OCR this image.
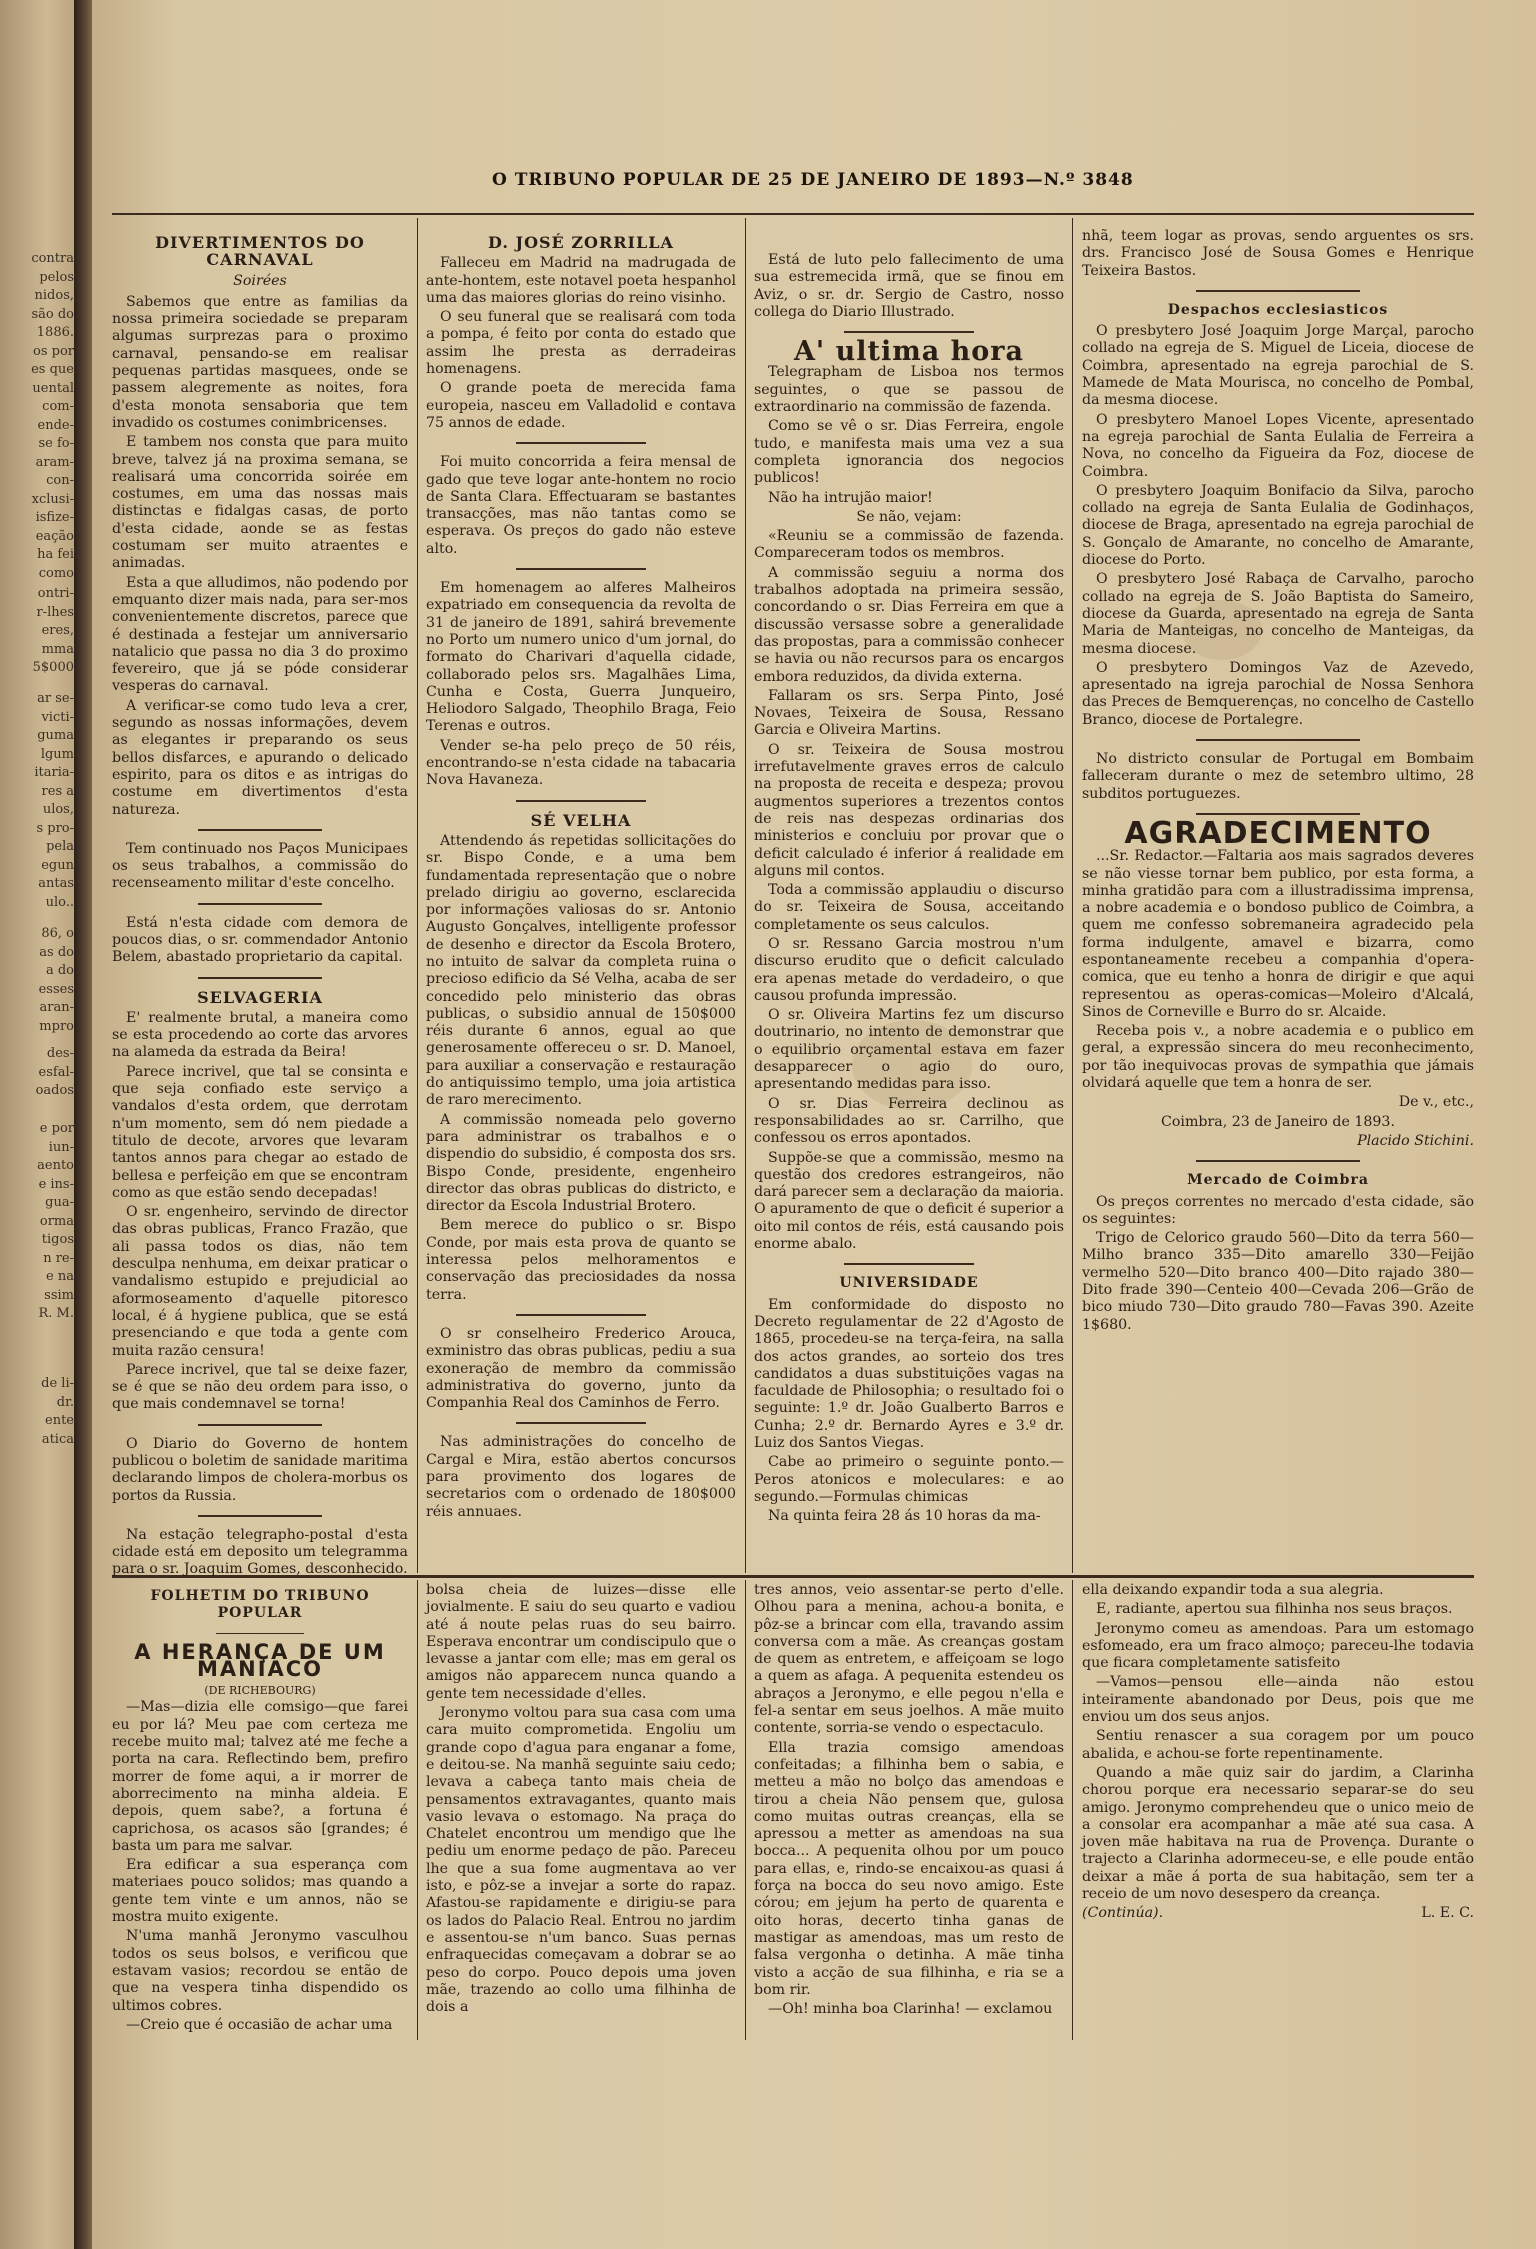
contra
pelos
nidos,
são do
1886.
os por
es que
uental
com-
ende-
se fo-
aram-
con-
xclusi-
isfize-
eação
ha fei
como
ontri-
r-lhes
eres,
mma
5$000
ar se-
victi-
guma
lgum
itaria-
res a
ulos,
s pro-
pela
egun
antas
ulo..
86, o
as do
a do
esses
aran-
mpro
des-
esfal-
oados
e por
iun-
aento
e ins-
gua-
orma
tigos
n re-
e na
ssim
R. M.
de li-
dr.
ente
atica
O TRIBUNO POPULAR DE 25 DE JANEIRO DE 1893—N.º 3848
DIVERTIMENTOS DO CARNAVAL
Soirées

Sabemos que entre as familias da nossa primeira sociedade se preparam algumas surprezas para o proximo carnaval, pensando-se em realisar pequenas partidas masquees, onde se passem alegremente as noites, fora d'esta monota sensaboria que tem invadido os costumes conimbricenses.

E tambem nos consta que para muito breve, talvez já na proxima semana, se realisará uma concorrida soirée em costumes, em uma das nossas mais distinctas e fidalgas casas, de porto d'esta cidade, aonde se as festas costumam ser muito atraentes e animadas.

Esta a que alludimos, não podendo por emquanto dizer mais nada, para ser-mos convenientemente discretos, parece que é destinada a festejar um anniversario natalicio que passa no dia 3 do proximo fevereiro, que já se póde considerar vesperas do carnaval.

A verificar-se como tudo leva a crer, segundo as nossas informações, devem as elegantes ir preparando os seus bellos disfarces, e apurando o delicado espirito, para os ditos e as intrigas do costume em divertimentos d'esta natureza.

Tem continuado nos Paços Municipaes os seus trabalhos, a commissão do recenseamento militar d'este concelho.

Está n'esta cidade com demora de poucos dias, o sr. commendador Antonio Belem, abastado proprietario da capital.

SELVAGERIA

E' realmente brutal, a maneira como se esta procedendo ao corte das arvores na alameda da estrada da Beira!

Parece incrivel, que tal se consinta e que seja confiado este serviço a vandalos d'esta ordem, que derrotam n'um momento, sem dó nem piedade a titulo de decote, arvores que levaram tantos annos para chegar ao estado de bellesa e perfeição em que se encontram como as que estão sendo decepadas!

O sr. engenheiro, servindo de director das obras publicas, Franco Frazão, que ali passa todos os dias, não tem desculpa nenhuma, em deixar praticar o vandalismo estupido e prejudicial ao aformoseamento d'aquelle pitoresco local, é á hygiene publica, que se está presenciando e que toda a gente com muita razão censura!

Parece incrivel, que tal se deixe fazer, se é que se não deu ordem para isso, o que mais condemnavel se torna!

O Diario do Governo de hontem publicou o boletim de sanidade maritima declarando limpos de cholera-morbus os portos da Russia.

Na estação telegrapho-postal d'esta cidade está em deposito um telegramma para o sr. Joaquim Gomes, desconhecido.

D. JOSÉ ZORRILLA

Falleceu em Madrid na madrugada de ante-hontem, este notavel poeta hespanhol uma das maiores glorias do reino visinho.

O seu funeral que se realisará com toda a pompa, é feito por conta do estado que assim lhe presta as derradeiras homenagens.

O grande poeta de merecida fama europeia, nasceu em Valladolid e contava 75 annos de edade.

Foi muito concorrida a feira mensal de gado que teve logar ante-hontem no rocio de Santa Clara. Effectuaram se bastantes transacções, mas não tantas como se esperava. Os preços do gado não esteve alto.

Em homenagem ao alferes Malheiros expatriado em consequencia da revolta de 31 de janeiro de 1891, sahirá brevemente no Porto um numero unico d'um jornal, do formato do Charivari d'aquella cidade, collaborado pelos srs. Magalhães Lima, Cunha e Costa, Guerra Junqueiro, Heliodoro Salgado, Theophilo Braga, Feio Terenas e outros.

Vender se-ha pelo preço de 50 réis, encontrando-se n'esta cidade na tabacaria Nova Havaneza.

SÉ VELHA

Attendendo ás repetidas sollicitações do sr. Bispo Conde, e a uma bem fundamentada representação que o nobre prelado dirigiu ao governo, esclarecida por informações valiosas do sr. Antonio Augusto Gonçalves, intelligente professor de desenho e director da Escola Brotero, no intuito de salvar da completa ruina o precioso edificio da Sé Velha, acaba de ser concedido pelo ministerio das obras publicas, o subsidio annual de 150$000 réis durante 6 annos, egual ao que generosamente offereceu o sr. D. Manoel, para auxiliar a conservação e restauração do antiquissimo templo, uma joia artistica de raro merecimento.

A commissão nomeada pelo governo para administrar os trabalhos e o dispendio do subsidio, é composta dos srs. Bispo Conde, presidente, engenheiro director das obras publicas do districto, e director da Escola Industrial Brotero.

Bem merece do publico o sr. Bispo Conde, por mais esta prova de quanto se interessa pelos melhoramentos e conservação das preciosidades da nossa terra.

O sr conselheiro Frederico Arouca, exministro das obras publicas, pediu a sua exoneração de membro da commissão administrativa do governo, junto da Companhia Real dos Caminhos de Ferro.

Nas administrações do concelho de Cargal e Mira, estão abertos concursos para provimento dos logares de secretarios com o ordenado de 180$000 réis annuaes.

Está de luto pelo fallecimento de uma sua estremecida irmã, que se finou em Aviz, o sr. dr. Sergio de Castro, nosso collega do Diario Illustrado.

A' ultima hora

Telegrapham de Lisboa nos termos seguintes, o que se passou de extraordinario na commissão de fazenda.

Como se vê o sr. Dias Ferreira, engole tudo, e manifesta mais uma vez a sua completa ignorancia dos negocios publicos!

Não ha intrujão maior!

Se não, vejam:

«Reuniu se a commissão de fazenda. Compareceram todos os membros.

A commissão seguiu a norma dos trabalhos adoptada na primeira sessão, concordando o sr. Dias Ferreira em que a discussão versasse sobre a generalidade das propostas, para a commissão conhecer se havia ou não recursos para os encargos embora reduzidos, da divida externa.

Fallaram os srs. Serpa Pinto, José Novaes, Teixeira de Sousa, Ressano Garcia e Oliveira Martins.

O sr. Teixeira de Sousa mostrou irrefutavelmente graves erros de calculo na proposta de receita e despeza; provou augmentos superiores a trezentos contos de reis nas despezas ordinarias dos ministerios e concluiu por provar que o deficit calculado é inferior á realidade em alguns mil contos.

Toda a commissão applaudiu o discurso do sr. Teixeira de Sousa, acceitando completamente os seus calculos.

O sr. Ressano Garcia mostrou n'um discurso erudito que o deficit calculado era apenas metade do verdadeiro, o que causou profunda impressão.

O sr. Oliveira Martins fez um discurso doutrinario, no intento de demonstrar que o equilibrio orçamental estava em fazer desapparecer o agio do ouro, apresentando medidas para isso.

O sr. Dias Ferreira declinou as responsabilidades ao sr. Carrilho, que confessou os erros apontados.

Suppõe-se que a commissão, mesmo na questão dos credores estrangeiros, não dará parecer sem a declaração da maioria. O apuramento de que o deficit é superior a oito mil contos de réis, está causando pois enorme abalo.

UNIVERSIDADE

Em conformidade do disposto no Decreto regulamentar de 22 d'Agosto de 1865, procedeu-se na terça-feira, na salla dos actos grandes, ao sorteio dos tres candidatos a duas substituições vagas na faculdade de Philosophia; o resultado foi o seguinte: 1.º dr. João Gualberto Barros e Cunha; 2.º dr. Bernardo Ayres e 3.º dr. Luiz dos Santos Viegas.

Cabe ao primeiro o seguinte ponto.—Peros atonicos e moleculares: e ao segundo.—Formulas chimicas

Na quinta feira 28 ás 10 horas da ma-

nhã, teem logar as provas, sendo arguentes os srs. drs. Francisco José de Sousa Gomes e Henrique Teixeira Bastos.

Despachos ecclesiasticos

O presbytero José Joaquim Jorge Marçal, parocho collado na egreja de S. Miguel de Liceia, diocese de Coimbra, apresentado na egreja parochial de S. Mamede de Mata Mourisca, no concelho de Pombal, da mesma diocese.

O presbytero Manoel Lopes Vicente, apresentado na egreja parochial de Santa Eulalia de Ferreira a Nova, no concelho da Figueira da Foz, diocese de Coimbra.

O presbytero Joaquim Bonifacio da Silva, parocho collado na egreja de Santa Eulalia de Godinhaços, diocese de Braga, apresentado na egreja parochial de S. Gonçalo de Amarante, no concelho de Amarante, diocese do Porto.

O presbytero José Rabaça de Carvalho, parocho collado na egreja de S. João Baptista do Sameiro, diocese da Guarda, apresentado na egreja de Santa Maria de Manteigas, no concelho de Manteigas, da mesma diocese.

O presbytero Domingos Vaz de Azevedo, apresentado na igreja parochial de Nossa Senhora das Preces de Bemquerenças, no concelho de Castello Branco, diocese de Portalegre.

No districto consular de Portugal em Bombaim falleceram durante o mez de setembro ultimo, 28 subditos portuguezes.

AGRADECIMENTO

...Sr. Redactor.—Faltaria aos mais sagrados deveres se não viesse tornar bem publico, por esta forma, a minha gratidão para com a illustradissima imprensa, a nobre academia e o bondoso publico de Coimbra, a quem me confesso sobremaneira agradecido pela forma indulgente, amavel e bizarra, como espontaneamente recebeu a companhia d'opera-comica, que eu tenho a honra de dirigir e que aqui representou as operas-comicas—Moleiro d'Alcalá, Sinos de Corneville e Burro do sr. Alcaide.

Receba pois v., a nobre academia e o publico em geral, a expressão sincera do meu reconhecimento, por tão inequivocas provas de sympathia que jámais olvidará aquelle que tem a honra de ser.

De v., etc.,
Coimbra, 23 de Janeiro de 1893.
Placido Stichini.
Mercado de Coimbra

Os preços correntes no mercado d'esta cidade, são os seguintes:

Trigo de Celorico graudo 560—Dito da terra 560—Milho branco 335—Dito amarello 330—Feijão vermelho 520—Dito branco 400—Dito rajado 380—Dito frade 390—Centeio 400—Cevada 206—Grão de bico miudo 730—Dito graudo 780—Favas 390. Azeite 1$680.

FOLHETIM DO TRIBUNO POPULAR
A HERANÇA DE UM MANIACO
(DE RICHEBOURG)

—Mas—dizia elle comsigo—que farei eu por lá? Meu pae com certeza me recebe muito mal; talvez até me feche a porta na cara. Reflectindo bem, prefiro morrer de fome aqui, a ir morrer de aborrecimento na minha aldeia. E depois, quem sabe?, a fortuna é caprichosa, os acasos são [grandes; é basta um para me salvar.

Era edificar a sua esperança com materiaes pouco solidos; mas quando a gente tem vinte e um annos, não se mostra muito exigente.

N'uma manhã Jeronymo vasculhou todos os seus bolsos, e verificou que estavam vasios; recordou se então de que na vespera tinha dispendido os ultimos cobres.

—Creio que é occasião de achar uma

bolsa cheia de luizes—disse elle jovialmente. E saiu do seu quarto e vadiou até á noute pelas ruas do seu bairro. Esperava encontrar um condiscipulo que o levasse a jantar com elle; mas em geral os amigos não apparecem nunca quando a gente tem necessidade d'elles.

Jeronymo voltou para sua casa com uma cara muito comprometida. Engoliu um grande copo d'agua para enganar a fome, e deitou-se. Na manhã seguinte saiu cedo; levava a cabeça tanto mais cheia de pensamentos extravagantes, quanto mais vasio levava o estomago. Na praça do Chatelet encontrou um mendigo que lhe pediu um enorme pedaço de pão. Pareceu lhe que a sua fome augmentava ao ver isto, e pôz-se a invejar a sorte do rapaz. Afastou-se rapidamente e dirigiu-se para os lados do Palacio Real. Entrou no jardim e assentou-se n'um banco. Suas pernas enfraquecidas começavam a dobrar se ao peso do corpo. Pouco depois uma joven mãe, trazendo ao collo uma filhinha de dois a

tres annos, veio assentar-se perto d'elle. Olhou para a menina, achou-a bonita, e pôz-se a brincar com ella, travando assim conversa com a mãe. As creanças gostam de quem as entretem, e affeiçoam se logo a quem as afaga. A pequenita estendeu os abraços a Jeronymo, e elle pegou n'ella e fel-a sentar em seus joelhos. A mãe muito contente, sorria-se vendo o espectaculo.

Ella trazia comsigo amendoas confeitadas; a filhinha bem o sabia, e metteu a mão no bolço das amendoas e tirou a cheia Não pensem que, gulosa como muitas outras creanças, ella se apressou a metter as amendoas na sua bocca... A pequenita olhou por um pouco para ellas, e, rindo-se encaixou-as quasi á força na bocca do seu novo amigo. Este córou; em jejum ha perto de quarenta e oito horas, decerto tinha ganas de mastigar as amendoas, mas um resto de falsa vergonha o detinha. A mãe tinha visto a acção de sua filhinha, e ria se a bom rir.

—Oh! minha boa Clarinha! — exclamou

ella deixando expandir toda a sua alegria.

E, radiante, apertou sua filhinha nos seus braços.

Jeronymo comeu as amendoas. Para um estomago esfomeado, era um fraco almoço; pareceu-lhe todavia que ficara completamente satisfeito

—Vamos—pensou elle—ainda não estou inteiramente abandonado por Deus, pois que me enviou um dos seus anjos.

Sentiu renascer a sua coragem por um pouco abalida, e achou-se forte repentinamente.

Quando a mãe quiz sair do jardim, a Clarinha chorou porque era necessario separar-se do seu amigo. Jeronymo comprehendeu que o unico meio de a consolar era acompanhar a mãe até sua casa. A joven mãe habitava na rua de Provença. Durante o trajecto a Clarinha adormeceu-se, e elle poude então deixar a mãe á porta de sua habitação, sem ter a receio de um novo desespero da creança.

(Continúa).	L. E. C.
